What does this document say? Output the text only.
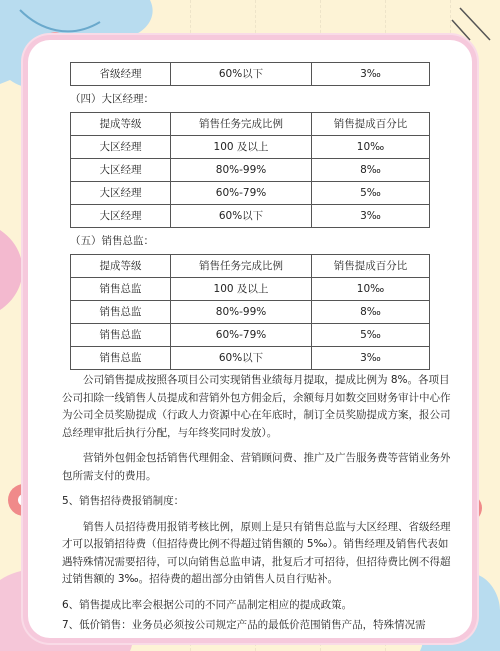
省级经理	60%以下	3‰
（四）大区经理：
提成等级	销售任务完成比例	销售提成百分比
大区经理	100 及以上	10‰
大区经理	80%-99%	8‰
大区经理	60%-79%	5‰
大区经理	60%以下	3‰
（五）销售总监：
提成等级	销售任务完成比例	销售提成百分比
销售总监	100 及以上	10‰
销售总监	80%-99%	8‰
销售总监	60%-79%	5‰
销售总监	60%以下	3‰

公司销售提成按照各项目公司实现销售业绩每月提取，提成比例为 8%。各项目公司扣除一线销售人员提成和营销外包方佣金后，余额每月如数交回财务审计中心作为公司全员奖励提成（行政人力资源中心在年底时，制订全员奖励提成方案，报公司总经理审批后执行分配，与年终奖同时发放）。

营销外包佣金包括销售代理佣金、营销顾问费、推广及广告服务费等营销业务外包所需支付的费用。

5、销售招待费报销制度：

销售人员招待费用报销考核比例，原则上是只有销售总监与大区经理、省级经理才可以报销招待费（但招待费比例不得超过销售额的 5‰）。销售经理及销售代表如遇特殊情况需要招待，可以向销售总监申请，批复后才可招待，但招待费比例不得超过销售额的 3‰。招待费的超出部分由销售人员自行贴补。

6、销售提成比率会根据公司的不同产品制定相应的提成政策。

7、低价销售：业务员必须按公司规定产品的最低价范围销售产品，特殊情况需
